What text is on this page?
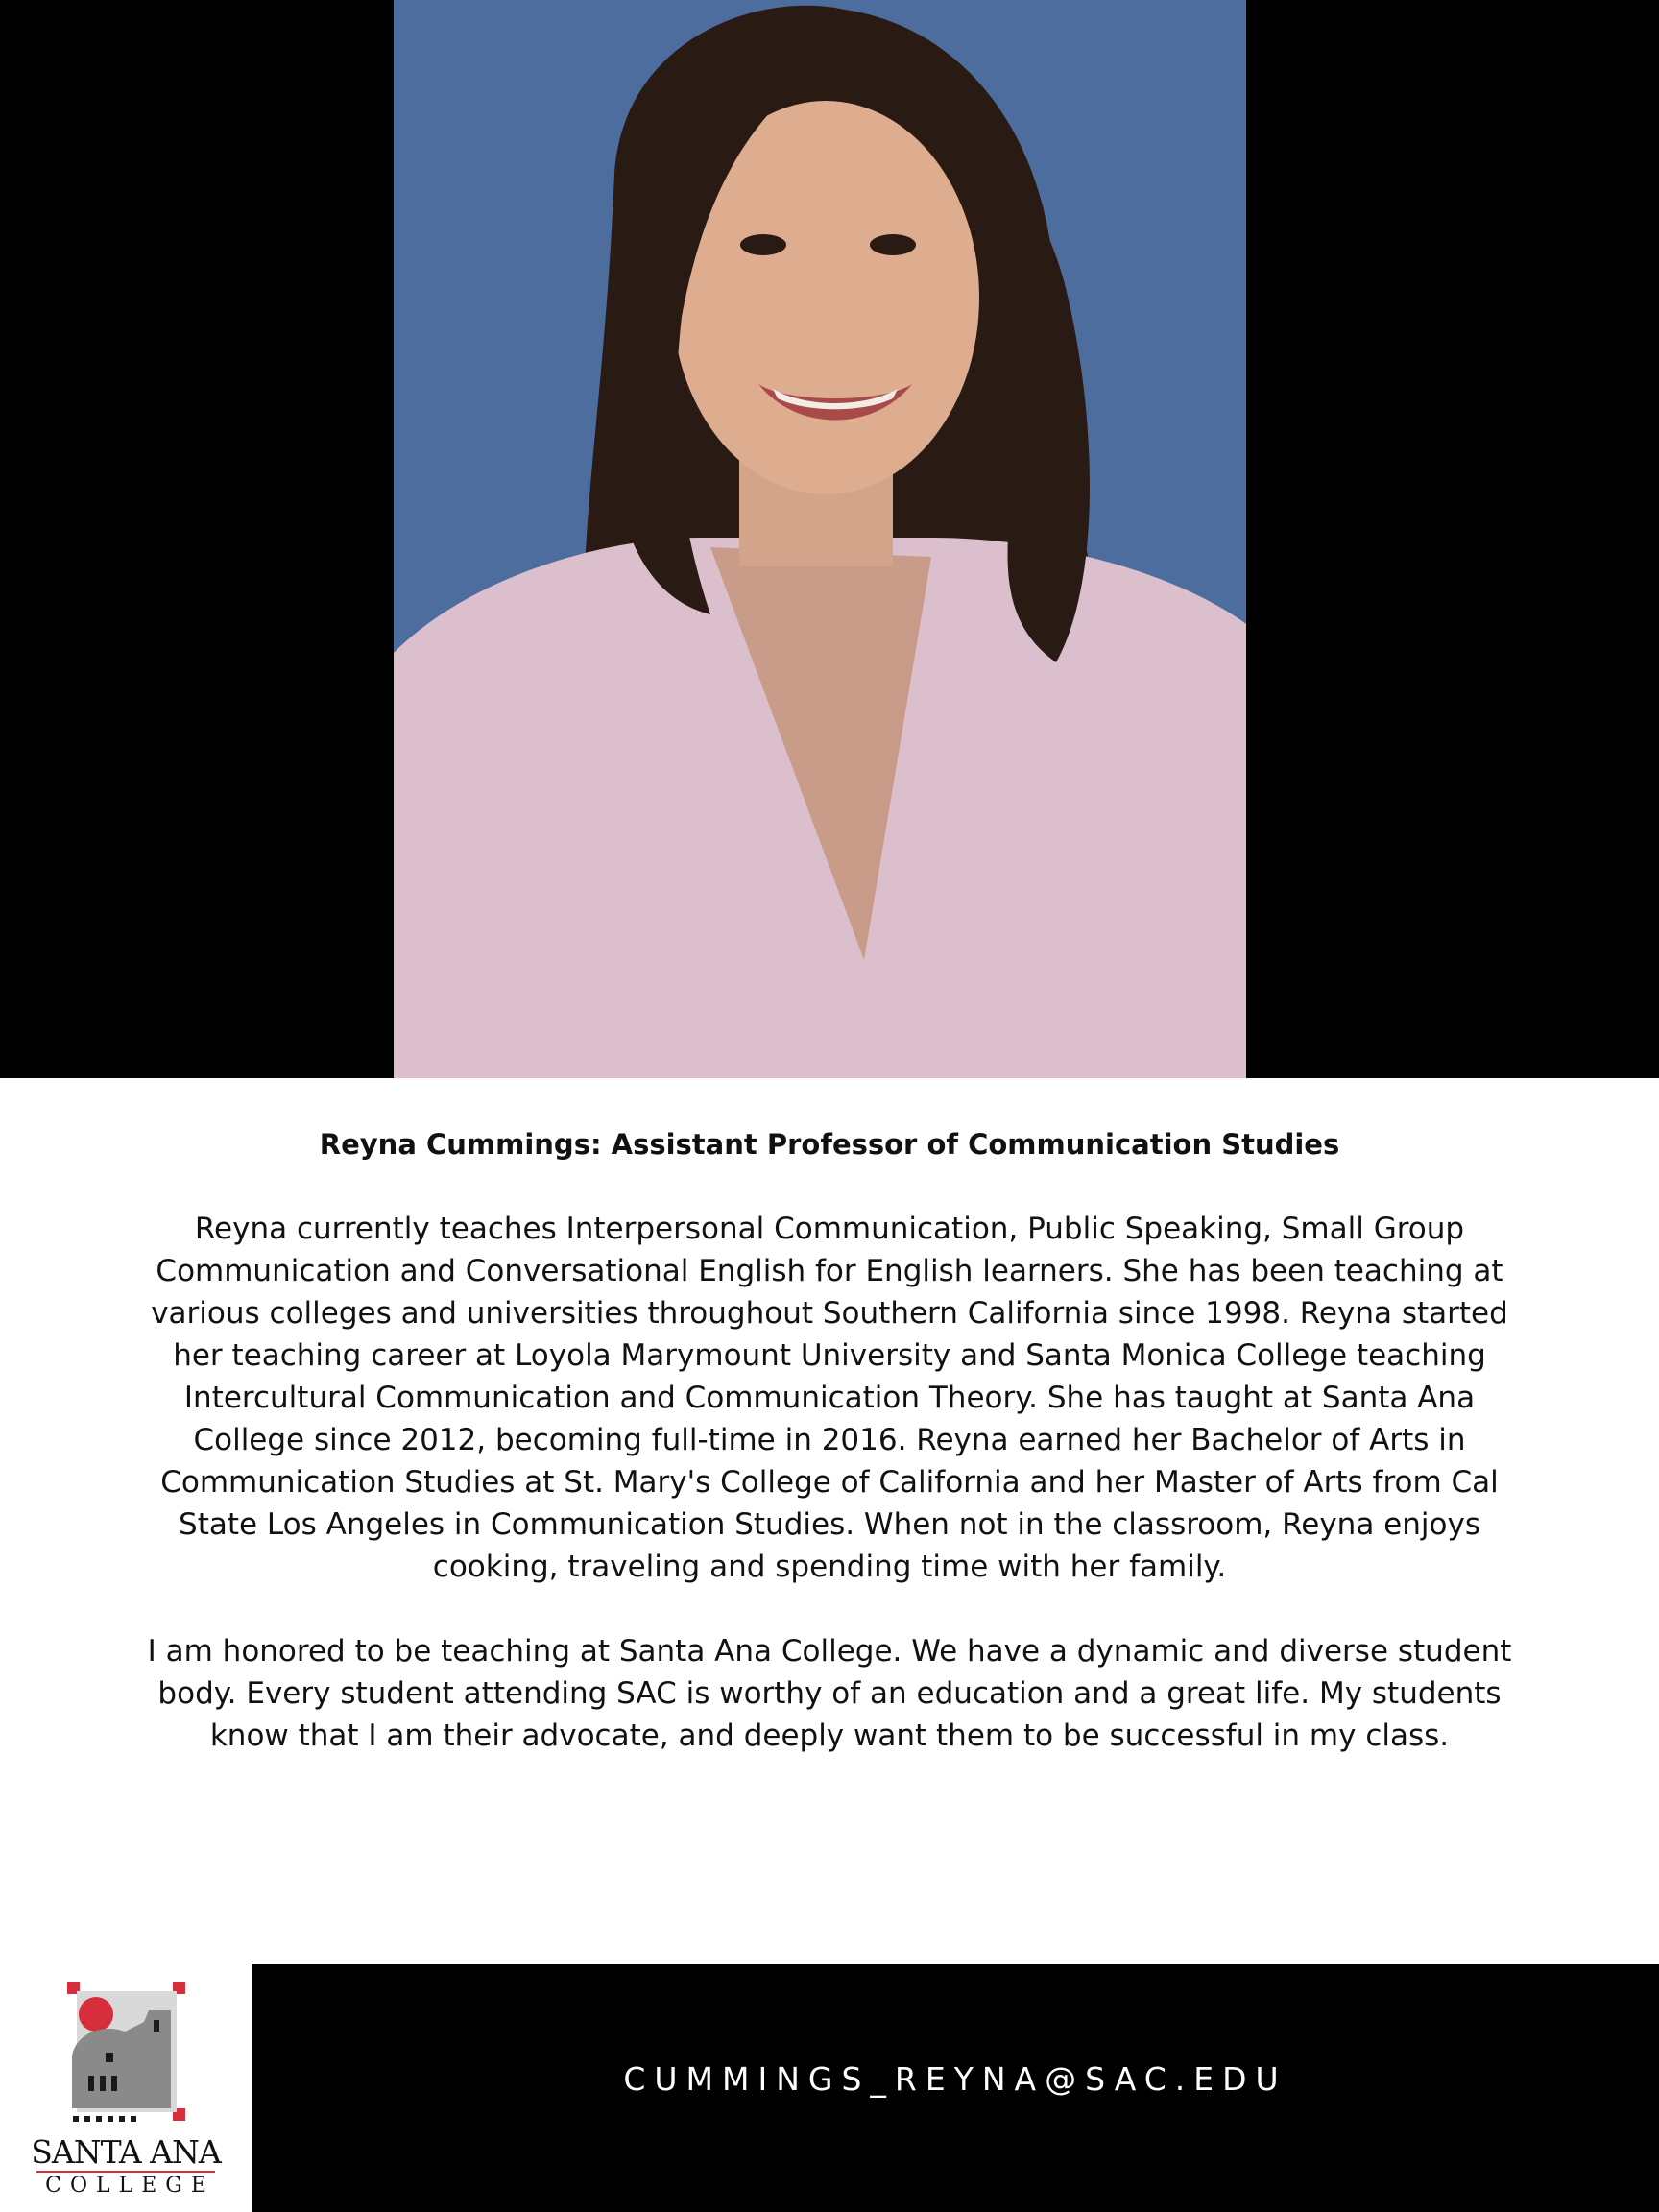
Reyna Cummings: Assistant Professor of Communication Studies

Reyna currently teaches Interpersonal Communication, Public Speaking, Small Group Communication and Conversational English for English learners. She has been teaching at various colleges and universities throughout Southern California since 1998. Reyna started her teaching career at Loyola Marymount University and Santa Monica College teaching Intercultural Communication and Communication Theory. She has taught at Santa Ana College since 2012, becoming full-time in 2016. Reyna earned her Bachelor of Arts in Communication Studies at St. Mary's College of California and her Master of Arts from Cal State Los Angeles in Communication Studies. When not in the classroom, Reyna enjoys cooking, traveling and spending time with her family.

I am honored to be teaching at Santa Ana College. We have a dynamic and diverse student body. Every student attending SAC is worthy of an education and a great life. My students know that I am their advocate, and deeply want them to be successful in my class.

SANTA ANA
COLLEGE
CUMMINGS_REYNA@SAC.EDU
